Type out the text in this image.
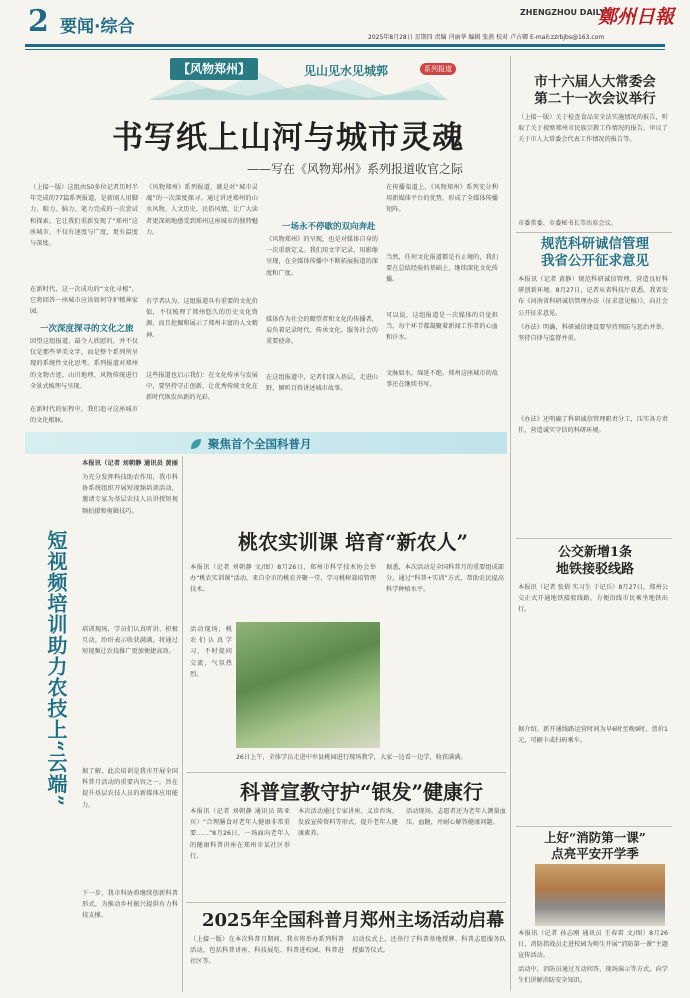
2 要闻·综合
ZHENGZHOU DAILY
鄭州日報
2025年8月28日 星期四 责编 闫丽华 编辑 张燕 校对 卢占卿 E-mail:zzrbjbs@163.com
【风物郑州】	见山见水见城郭	系列报道
书写纸上山河与城市灵魂
——写在《风物郑州》系列报道收官之际
（上接一版）这组由50多位记者历时半年完成的77篇系列报道，是新闻人用脚力、眼力、脑力、笔力完成的一次尝试和探索。它让我们重新发现了“郑州”这座城市，不仅有速度与广度，更有温度与深度。
在新时代，这一次成功的“文化寻根”，它将回答一座城市应该如何守护精神家园。
一次深度探寻的文化之旅
回望这组报道，最令人欣慰的，并不仅仅是那些华美文字，而是整个系列所呈现的系统性文化思考。系列报道对郑州的文物古迹、山川地理、风物传统进行全景式梳理与呈现。
在新时代的征程中，我们追寻这座城市的文化根脉。
《风物郑州》系列报道，就是对“城市灵魂”的一次深度探寻。通过讲述郑州的山水风物、人文历史、民俗风情，让广大读者更深刻地感受到郑州这座城市的独特魅力。
有学者认为，这组报道具有重要的文化价值，不仅梳理了郑州悠久的历史文化资源，而且挖掘和展示了郑州丰富的人文精神。
这些报道也启示我们：在文化传承与发展中，要坚持守正创新，让优秀传统文化在新时代焕发出新的光彩。
一场永不停歇的双向奔赴
《风物郑州》的呈现，也是对媒体自身的一次重新定义。我们用文字记录，用影像呈现，在全媒体传播中不断拓展报道的深度和广度。
媒体作为社会的瞭望者和文化的传播者，肩负着记录时代、传承文化、服务社会的重要使命。
在这组报道中，记者们深入基层，走进山野，倾听百姓讲述城市故事。
在传播渠道上，《风物郑州》系列充分利用新媒体平台的优势，形成了全媒体传播矩阵。
当然，任何文化报道都是有止境的，我们要在总结经验的基础上，继续深化文化传播。
可以说，这组报道是一次媒体的自觉担当，每个环节都凝聚着新闻工作者的心血和汗水。
文脉如水，绵延不绝。郑州这座城市的故事还在继续书写。
市十六届人大常委会
第二十一次会议举行
（上接一版）关于检查食品安全法实施情况的报告，听取了关于视察郑州市民族宗教工作情况的报告，审议了关于市人大常委会代表工作情况的报告等。
市委常委、市委秘书长等出席会议。
规范科研诚信管理
我省公开征求意见
本报讯（记者 黄静）规范科研诚信管理，营造良好科研创新环境。8月27日，记者从省科技厅获悉，我省发布《河南省科研诚信管理办法（征求意见稿）》，向社会公开征求意见。
《办法》明确，科研诚信建设要坚持预防与惩治并举，坚持自律与监督并重。
《办法》还明确了科研诚信管理职责分工，压实各方责任，营造诚实守信的科研环境。
公交新增1条
地铁接驳线路
本报讯（记者 张倩 实习生 于记兵）8月27日，郑州公交正式开通地铁接驳线路，方便沿线市民乘坐地铁出行。
据介绍，新开通线路运营时间为早6时至晚9时，票价1元，可刷卡或扫码乘车。
上好“消防第一课”
点亮平安开学季
本报讯（记者 孙志刚 通讯员 王春雷 文/图）8月26日，消防指战员走进校园为师生开展“消防第一课”主题宣传活动。
活动中，消防员通过互动问答、现场演示等方式，向学生们讲解消防安全知识。
聚焦首个全国科普月
短视频培训助力农技上“云端”
本报讯（记者 刘朝静 通讯员 黄丽
为充分发挥科技助农作用，我市科协系统组织开展短视频培训活动，邀请专家为基层农技人员讲授短视频拍摄和剪辑技巧。
培训现场，学员们认真听讲、积极互动，纷纷表示收获满满，将通过短视频让农技推广更加便捷高效。
据了解，此次培训是我市开展全国科普月活动的重要内容之一，旨在提升基层农技人员的新媒体应用能力。
下一步，我市科协将继续创新科普形式，为推动乡村振兴提供有力科技支撑。
桃农实训课 培育“新农人”
本报讯（记者 刘朝静 文/图）8月26日，郑州市科学技术协会举办“桃农实训课”活动，来自全市的桃农齐聚一堂，学习桃树栽培管理技术。
活动现场，桃农们认真学习，不时提问交流，气氛热烈。
据悉，本次活动是全国科普月的重要组成部分，通过“科普+实训”方式，帮助农民提高科学种植水平。
26日上午，全体学员走进中牟县桃园进行现场教学，大家一边看一边学，收获满满。
科普宣教守护“银发”健康行
本报讯（记者 刘朝静 通讯员 陈亚宾）“合理膳食对老年人健康非常重要……”8月26日，一场面向老年人的健康科普讲座在郑州市某社区举行。
本次活动通过专家讲座、义诊咨询、发放宣传资料等形式，提升老年人健康素养。
活动现场，志愿者还为老年人测量血压、血糖，并耐心解答健康问题。
2025年全国科普月郑州主场活动启幕
（上接一版）在本次科普月期间，我市将举办系列科普活动，包括科普讲座、科技展览、科普进校园、科普进社区等。
启动仪式上，还举行了科普基地授牌、科普志愿服务队授旗等仪式。
